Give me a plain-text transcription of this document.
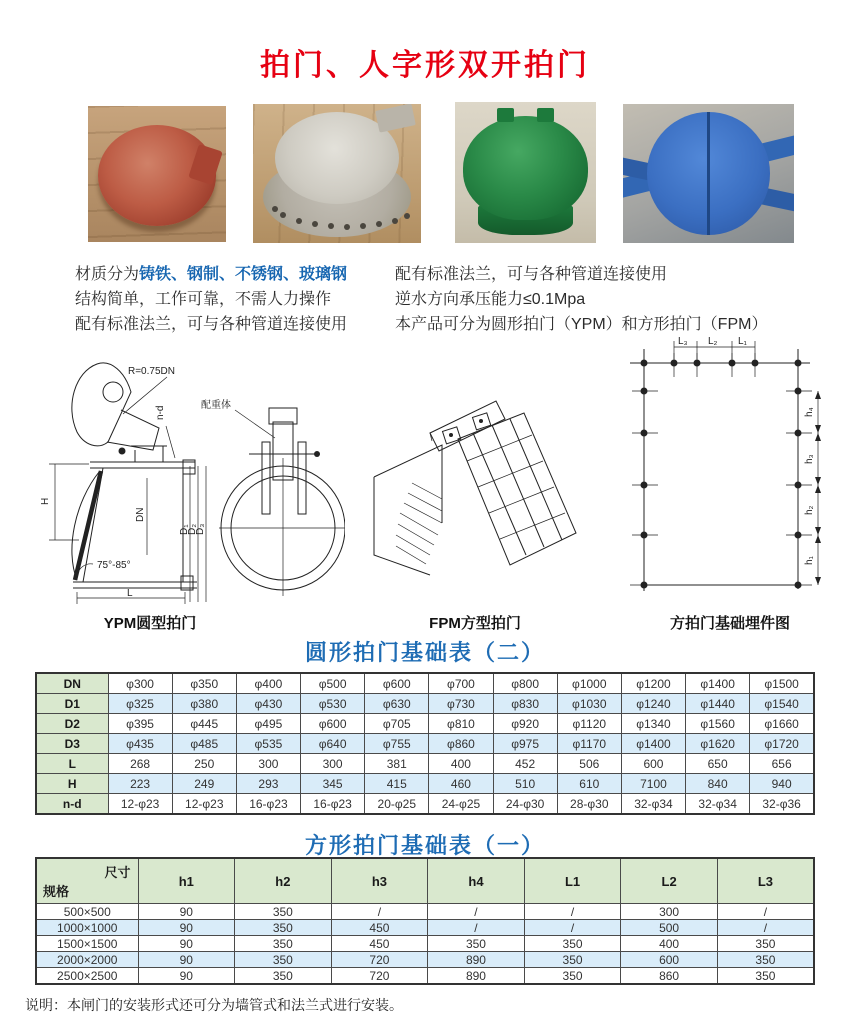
拍门、人字形双开拍门
材质分为铸铁、钢制、不锈钢、玻璃钢
结构简单，工作可靠，不需人力操作
配有标准法兰，可与各种管道连接使用
配有标准法兰，可与各种管道连接使用
逆水方向承压能力≤0.1Mpa
本产品可分为圆形拍门（YPM）和方形拍门（FPM）
R=0.75DN
n-d
H
DN
D₁
D₂
D₃
75°-85°
L
配重体
L₃ L₂ L₁
h₄
h₃
h₂
h₁
YPM圆型拍门	FPM方型拍门	方拍门基础埋件图
圆形拍门基础表（二）
DN	φ300	φ350	φ400	φ500	φ600	φ700	φ800	φ1000	φ1200	φ1400	φ1500
D1	φ325	φ380	φ430	φ530	φ630	φ730	φ830	φ1030	φ1240	φ1440	φ1540
D2	φ395	φ445	φ495	φ600	φ705	φ810	φ920	φ1120	φ1340	φ1560	φ1660
D3	φ435	φ485	φ535	φ640	φ755	φ860	φ975	φ1170	φ1400	φ1620	φ1720
L	268	250	300	300	381	400	452	506	600	650	656
H	223	249	293	345	415	460	510	610	7100	840	940
n-d	12-φ23	12-φ23	16-φ23	16-φ23	20-φ25	24-φ25	24-φ30	28-φ30	32-φ34	32-φ34	32-φ36
方形拍门基础表（一）
尺寸
规格	h1	h2	h3	h4	L1	L2	L3
500×500	90	350	/	/	/	300	/
1000×1000	90	350	450	/	/	500	/
1500×1500	90	350	450	350	350	400	350
2000×2000	90	350	720	890	350	600	350
2500×2500	90	350	720	890	350	860	350
说明：本闸门的安装形式还可分为墙管式和法兰式进行安装。
